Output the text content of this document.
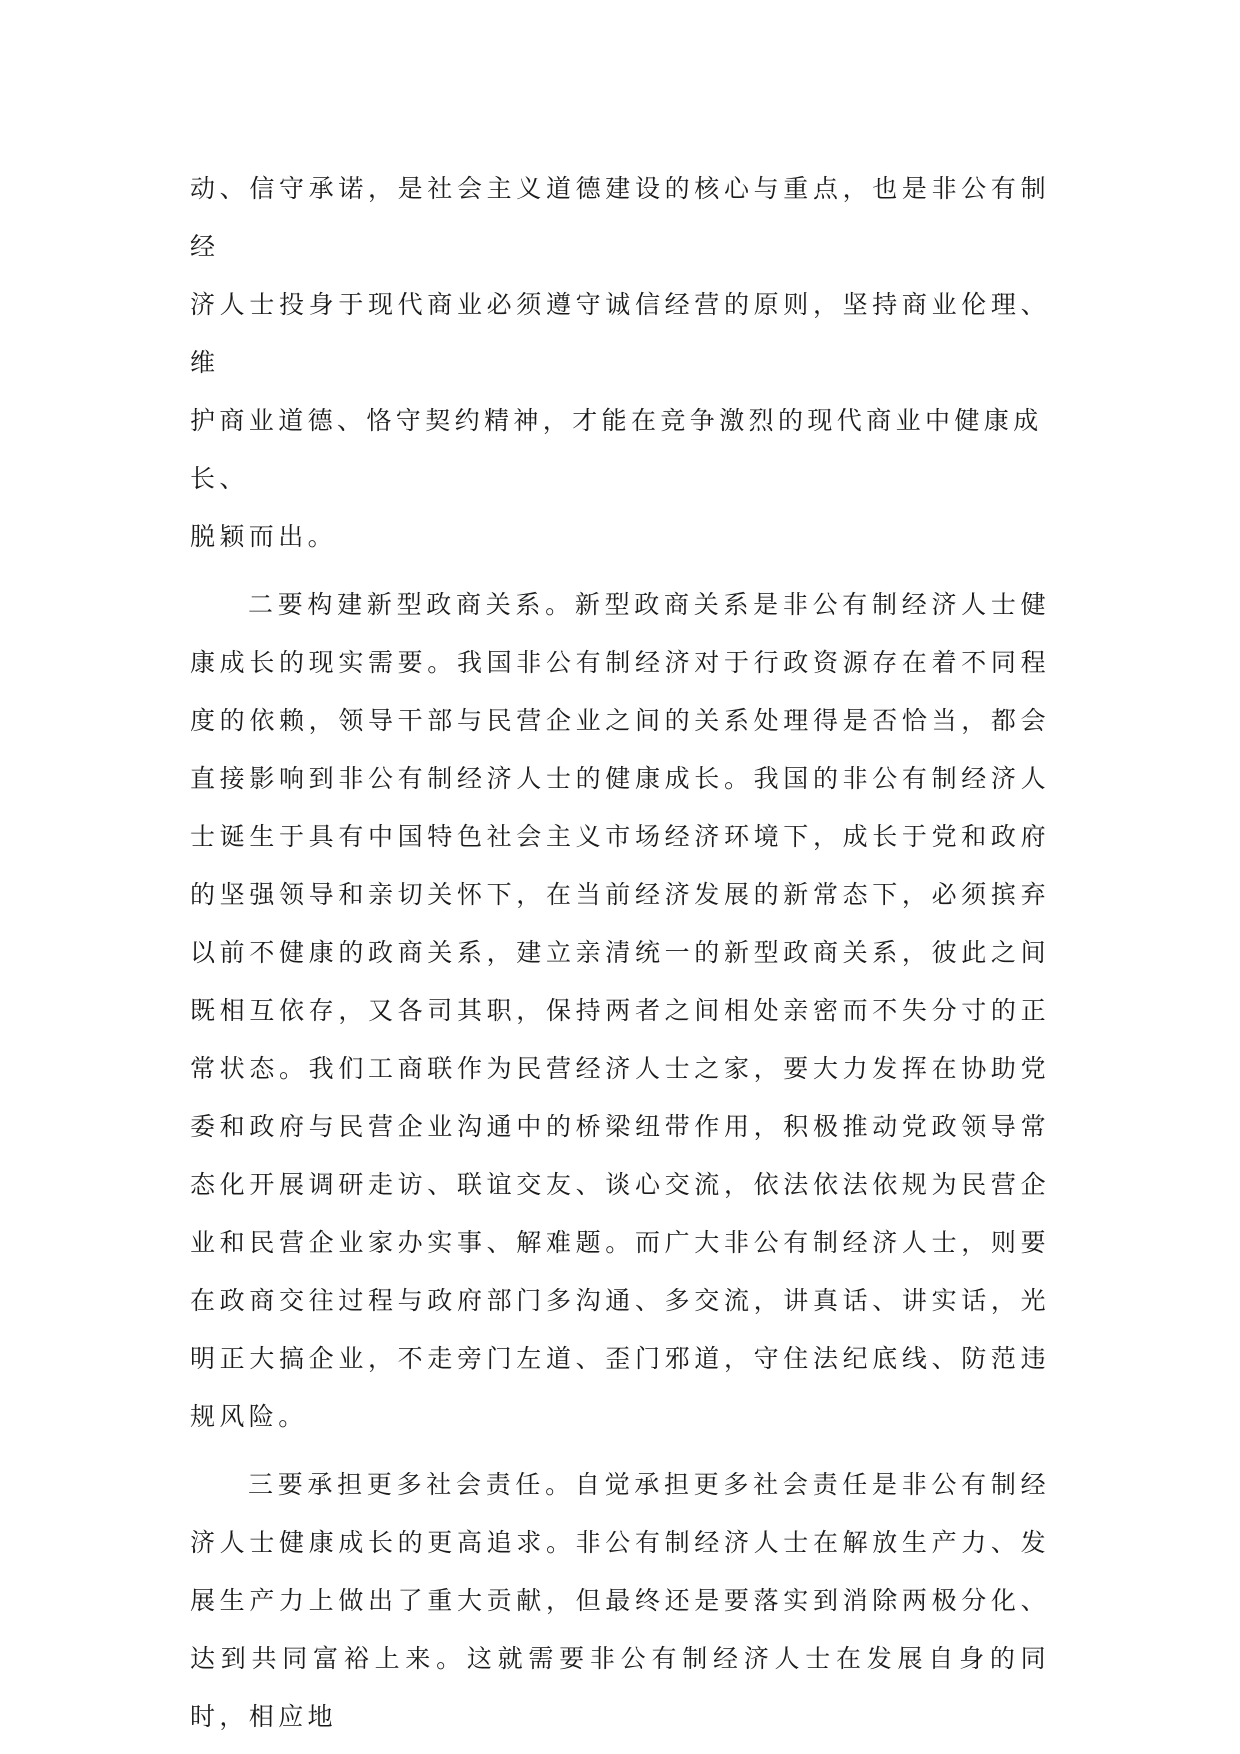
动、信守承诺，是社会主义道德建设的核心与重点，也是非公有制经
济人士投身于现代商业必须遵守诚信经营的原则，坚持商业伦理、维
护商业道德、恪守契约精神，才能在竞争激烈的现代商业中健康成
长、
脱颖而出。

二要构建新型政商关系。新型政商关系是非公有制经济人士健康成长的现实需要。我国非公有制经济对于行政资源存在着不同程度的依赖，领导干部与民营企业之间的关系处理得是否恰当，都会直接影响到非公有制经济人士的健康成长。我国的非公有制经济人士诞生于具有中国特色社会主义市场经济环境下，成长于党和政府的坚强领导和亲切关怀下，在当前经济发展的新常态下，必须摈弃以前不健康的政商关系，建立亲清统一的新型政商关系，彼此之间既相互依存，又各司其职，保持两者之间相处亲密而不失分寸的正常状态。我们工商联作为民营经济人士之家，要大力发挥在协助党委和政府与民营企业沟通中的桥梁纽带作用，积极推动党政领导常态化开展调研走访、联谊交友、谈心交流，依法依法依规为民营企业和民营企业家办实事、解难题。而广大非公有制经济人士，则要在政商交往过程与政府部门多沟通、多交流，讲真话、讲实话，光明正大搞企业，不走旁门左道、歪门邪道，守住法纪底线、防范违规风险。

三要承担更多社会责任。自觉承担更多社会责任是非公有制经济人士健康成长的更高追求。非公有制经济人士在解放生产力、发展生产力上做出了重大贡献，但最终还是要落实到消除两极分化、达到共同富裕上来。这就需要非公有制经济人士在发展自身的同时，相应地
